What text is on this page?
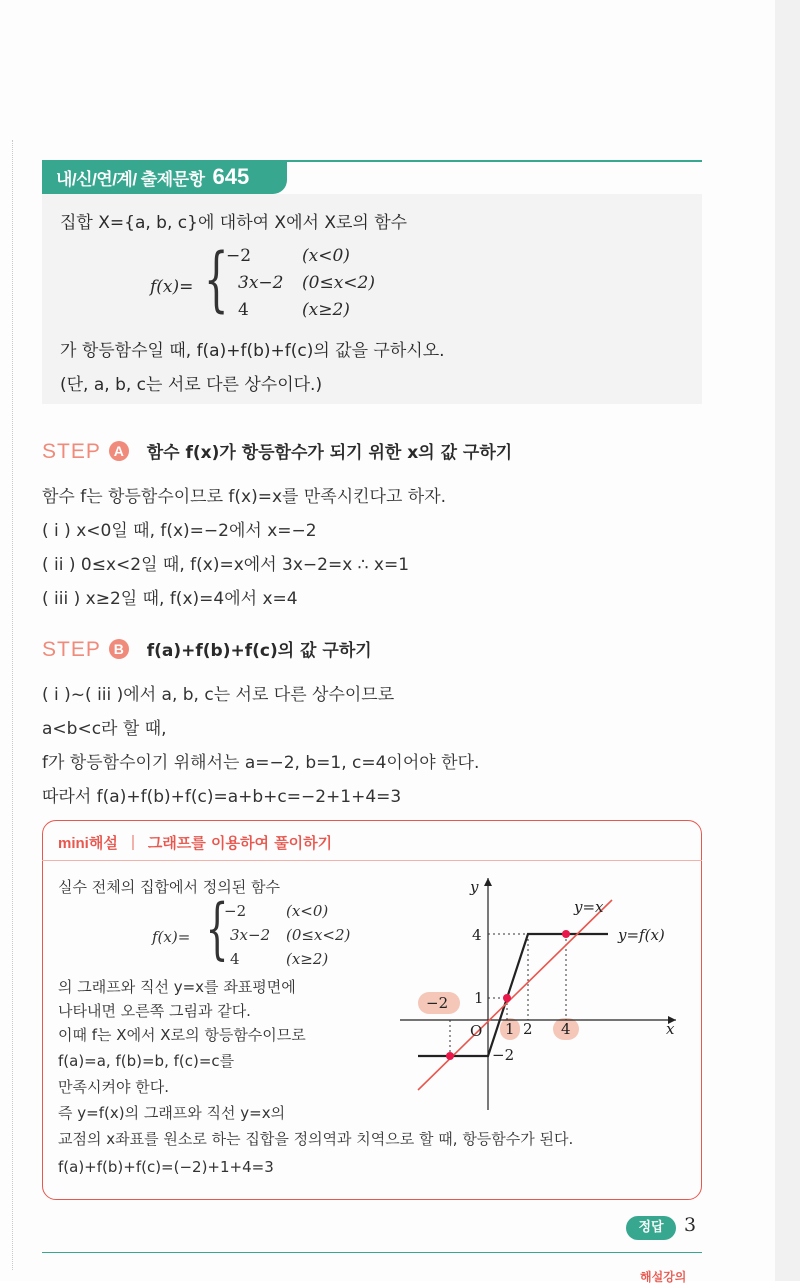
내/신/연/계/ 출제문항 645
집합 X={a, b, c}에 대하여 X에서 X로의 함수
f(x)= {
−2	(x<0)
3x−2 (0≤x<2)
4	(x≥2)
가 항등함수일 때, f(a)+f(b)+f(c)의 값을 구하시오.
(단, a, b, c는 서로 다른 상수이다.)
STEP A 함수 f(x)가 항등함수가 되기 위한 x의 값 구하기
함수 f는 항등함수이므로 f(x)=x를 만족시킨다고 하자.
( i ) x<0일 때, f(x)=−2에서 x=−2
( ii ) 0≤x<2일 때, f(x)=x에서 3x−2=x ∴ x=1
( iii ) x≥2일 때, f(x)=4에서 x=4
STEP B f(a)+f(b)+f(c)의 값 구하기
( i )~( iii )에서 a, b, c는 서로 다른 상수이므로
a<b<c라 할 때,
f가 항등함수이기 위해서는 a=−2, b=1, c=4이어야 한다.
따라서 f(a)+f(b)+f(c)=a+b+c=−2+1+4=3
mini해설 그래프를 이용하여 풀이하기
실수 전체의 집합에서 정의된 함수
f(x)= {
−2	(x<0)
3x−2 (0≤x<2)
4	(x≥2)
의 그래프와 직선 y=x를 좌표평면에
나타내면 오른쪽 그림과 같다.
이때 f는 X에서 X로의 항등함수이므로
f(a)=a, f(b)=b, f(c)=c를
만족시켜야 한다.
즉 y=f(x)의 그래프와 직선 y=x의
교점의 x좌표를 원소로 하는 집합을 정의역과 치역으로 할 때, 항등함수가 된다.
f(a)+f(b)+f(c)=(−2)+1+4=3
y
x
O
y=x
y=f(x)
4
1
−2
−2
1 2 4
정답	3
해설강의
